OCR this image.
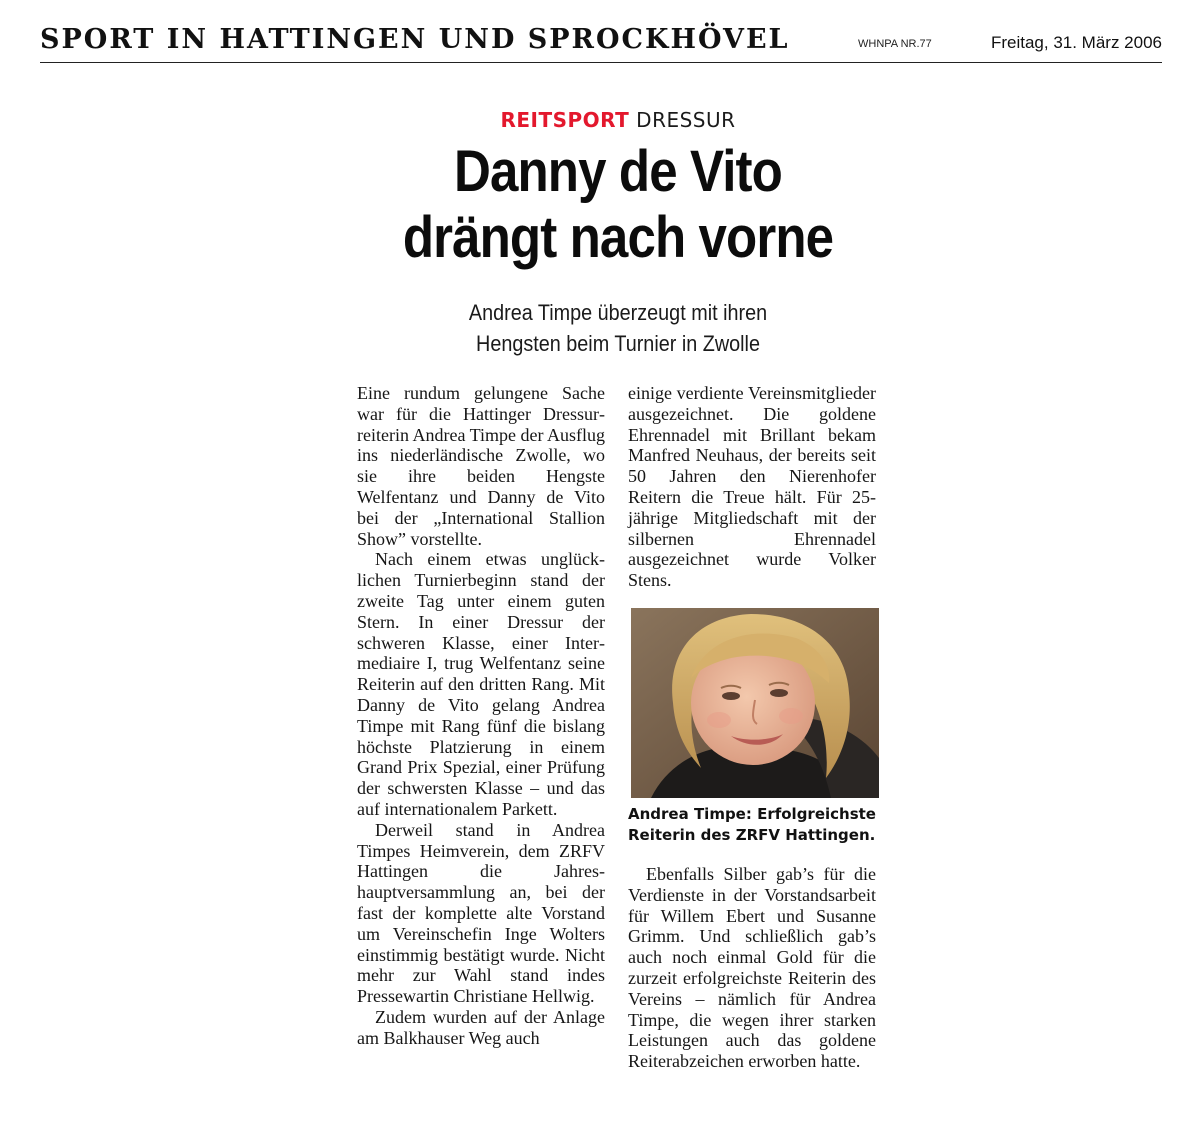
SPORT IN HATTINGEN UND SPROCKHÖVEL	WHNPA NR.77	Freitag, 31. März 2006
REITSPORT DRESSUR
Danny de Vito
drängt nach vorne
Andrea Timpe überzeugt mit ihren
Hengsten beim Turnier in Zwolle

Eine rundum gelungene Sache war für die Hattinger Dressurreiterin Andrea Timpe der Ausflug ins niederländische Zwolle, wo sie ihre beiden Hengste Welfentanz und Danny de Vito bei der „International Stallion Show” vorstellte.

Nach einem etwas unglücklichen Turnierbeginn stand der zweite Tag unter einem guten Stern. In einer Dressur der schweren Klasse, einer Intermediaire I, trug Welfentanz seine Reiterin auf den dritten Rang. Mit Danny de Vito gelang Andrea Timpe mit Rang fünf die bislang höchste Platzierung in einem Grand Prix Spezial, einer Prüfung der schwersten Klasse – und das auf internationalem Parkett.

Derweil stand in Andrea Timpes Heimverein, dem ZRFV Hattingen die Jahreshauptversammlung an, bei der fast der komplette alte Vorstand um Vereinschefin Inge Wolters einstimmig bestätigt wurde. Nicht mehr zur Wahl stand indes Pressewartin Christiane Hellwig.

Zudem wurden auf der Anlage am Balkhauser Weg auch

einige verdiente Vereinsmitglieder ausgezeichnet. Die goldene Ehrennadel mit Brillant bekam Manfred Neuhaus, der bereits seit 50 Jahren den Nierenhofer Reitern die Treue hält. Für 25-jährige Mitgliedschaft mit der silbernen Ehrennadel ausgezeichnet wurde Volker Stens.

Andrea Timpe: Erfolgreichste
Reiterin des ZRFV Hattingen.

Ebenfalls Silber gab’s für die Verdienste in der Vorstandsarbeit für Willem Ebert und Susanne Grimm. Und schließlich gab’s auch noch einmal Gold für die zurzeit erfolgreichste Reiterin des Vereins – nämlich für Andrea Timpe, die wegen ihrer starken Leistungen auch das goldene Reiterabzeichen erworben hatte.
